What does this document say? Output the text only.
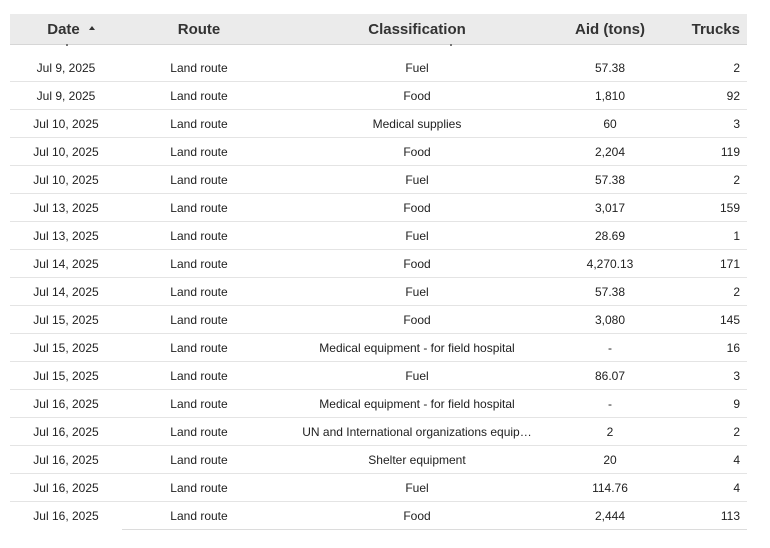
Date	Route	Classification	Aid (tons)	Trucks
Jul 9, 2025	Land route	Fuel	57.38	2
Jul 9, 2025	Land route	Food	1,810	92
Jul 10, 2025	Land route	Medical supplies	60	3
Jul 10, 2025	Land route	Food	2,204	119
Jul 10, 2025	Land route	Fuel	57.38	2
Jul 13, 2025	Land route	Food	3,017	159
Jul 13, 2025	Land route	Fuel	28.69	1
Jul 14, 2025	Land route	Food	4,270.13	171
Jul 14, 2025	Land route	Fuel	57.38	2
Jul 15, 2025	Land route	Food	3,080	145
Jul 15, 2025	Land route	Medical equipment - for field hospital	-	16
Jul 15, 2025	Land route	Fuel	86.07	3
Jul 16, 2025	Land route	Medical equipment - for field hospital	-	9
Jul 16, 2025	Land route	UN and International organizations equip…	2	2
Jul 16, 2025	Land route	Shelter equipment	20	4
Jul 16, 2025	Land route	Fuel	114.76	4
Jul 16, 2025	Land route	Food	2,444	113
